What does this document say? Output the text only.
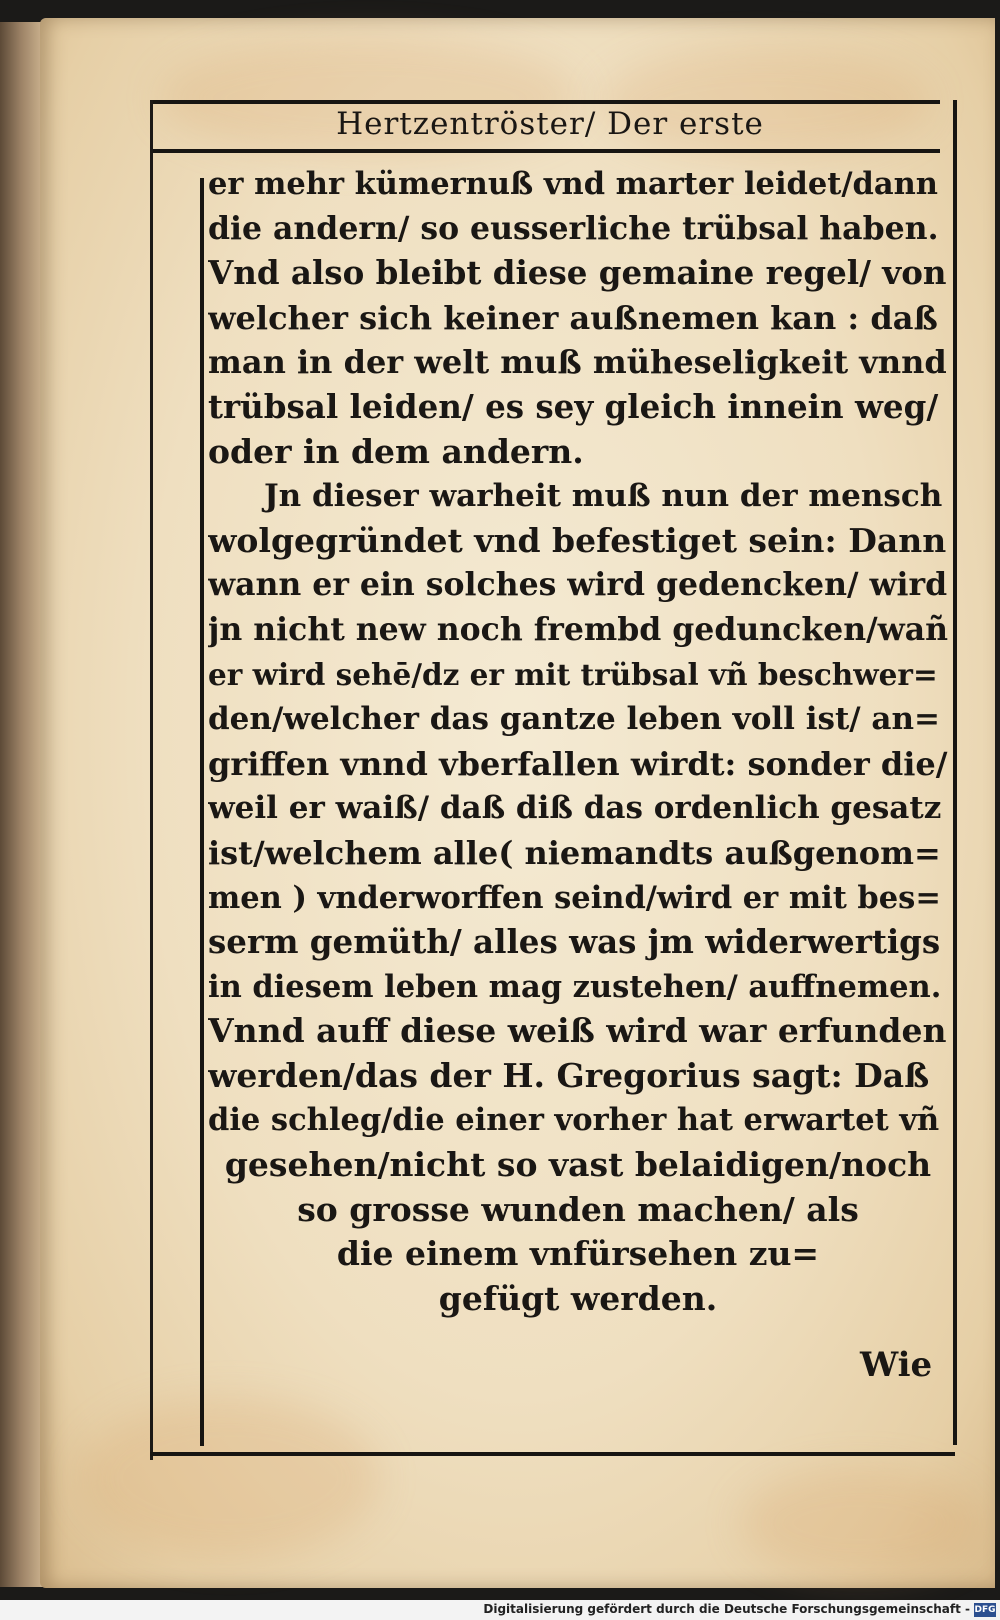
Hertzentröster/ Der erste
er mehr kümernuß vnd marter leidet/dann
die andern/ so eusserliche trübsal haben.
Vnd also bleibt diese gemaine regel/ von
welcher sich keiner außnemen kan : daß
man in der welt muß müheseligkeit vnnd
trübsal leiden/ es sey gleich innein weg/
oder in dem andern.
Jn dieser warheit muß nun der mensch
wolgegründet vnd befestiget sein: Dann
wann er ein solches wird gedencken/ wird
jn nicht new noch frembd geduncken/wañ
er wird sehē/dz er mit trübsal vñ beschwer=
den/welcher das gantze leben voll ist/ an=
griffen vnnd vberfallen wirdt: sonder die/
weil er waiß/ daß diß das ordenlich gesatz
ist/welchem alle( niemandts außgenom=
men ) vnderworffen seind/wird er mit bes=
serm gemüth/ alles was jm widerwertigs
in diesem leben mag zustehen/ auffnemen.
Vnnd auff diese weiß wird war erfunden
werden/das der H. Gregorius sagt: Daß
die schleg/die einer vorher hat erwartet vñ
gesehen/nicht so vast belaidigen/noch
so grosse wunden machen/ als
die einem vnfürsehen zu=
gefügt werden.
Wie
Digitalisierung gefördert durch die Deutsche Forschungsgemeinschaft - DFG
